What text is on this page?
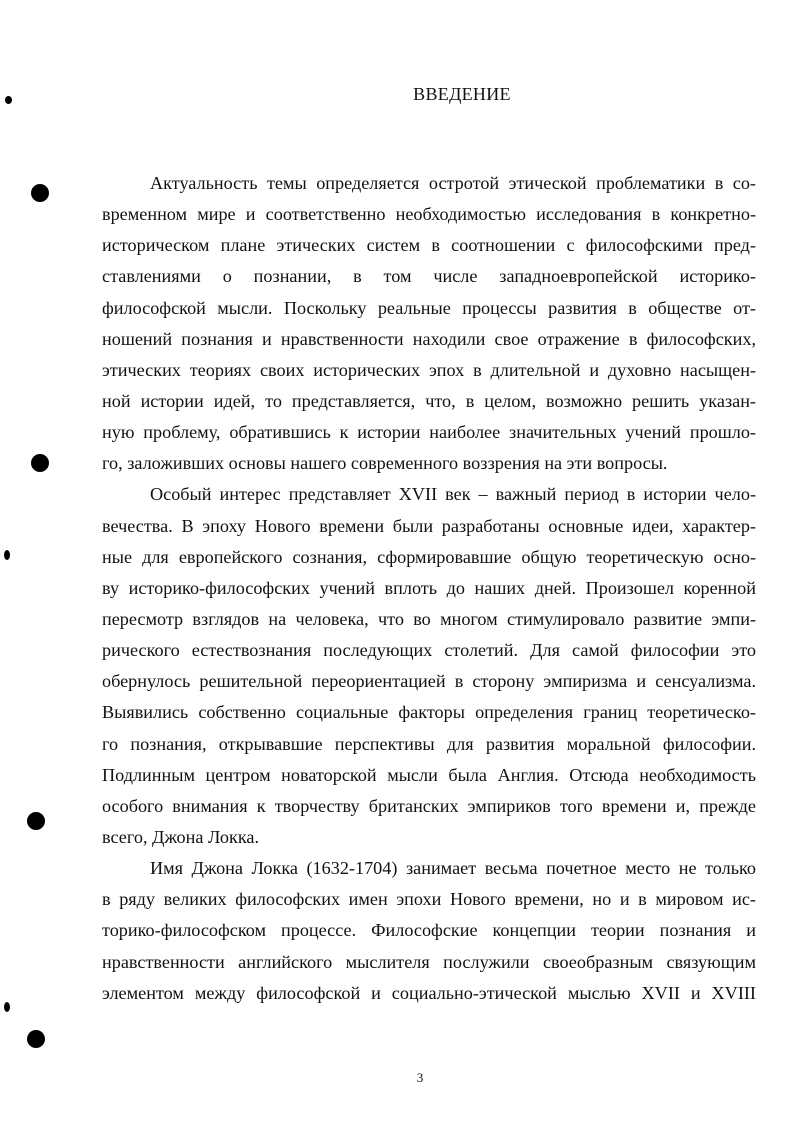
ВВЕДЕНИЕ
Актуальность темы определяется остротой этической проблематики в со-
временном мире и соответственно необходимостью исследования в конкретно-
историческом плане этических систем в соотношении с философскими пред-
ставлениями о познании, в том числе западноевропейской историко-
философской мысли. Поскольку реальные процессы развития в обществе от-
ношений познания и нравственности находили свое отражение в философских,
этических теориях своих исторических эпох в длительной и духовно насыщен-
ной истории идей, то представляется, что, в целом, возможно решить указан-
ную проблему, обратившись к истории наиболее значительных учений прошло-
го, заложивших основы нашего современного воззрения на эти вопросы.
Особый интерес представляет XVII век – важный период в истории чело-
вечества. В эпоху Нового времени были разработаны основные идеи, характер-
ные для европейского сознания, сформировавшие общую теоретическую осно-
ву историко-философских учений вплоть до наших дней. Произошел коренной
пересмотр взглядов на человека, что во многом стимулировало развитие эмпи-
рического естествознания последующих столетий. Для самой философии это
обернулось решительной переориентацией в сторону эмпиризма и сенсуализма.
Выявились собственно социальные факторы определения границ теоретическо-
го познания, открывавшие перспективы для развития моральной философии.
Подлинным центром новаторской мысли была Англия. Отсюда необходимость
особого внимания к творчеству британских эмпириков того времени и, прежде
всего, Джона Локка.
Имя Джона Локка (1632-1704) занимает весьма почетное место не только
в ряду великих философских имен эпохи Нового времени, но и в мировом ис-
торико-философском процессе. Философские концепции теории познания и
нравственности английского мыслителя послужили своеобразным связующим
элементом между философской и социально-этической мыслью XVII и XVIII
3
